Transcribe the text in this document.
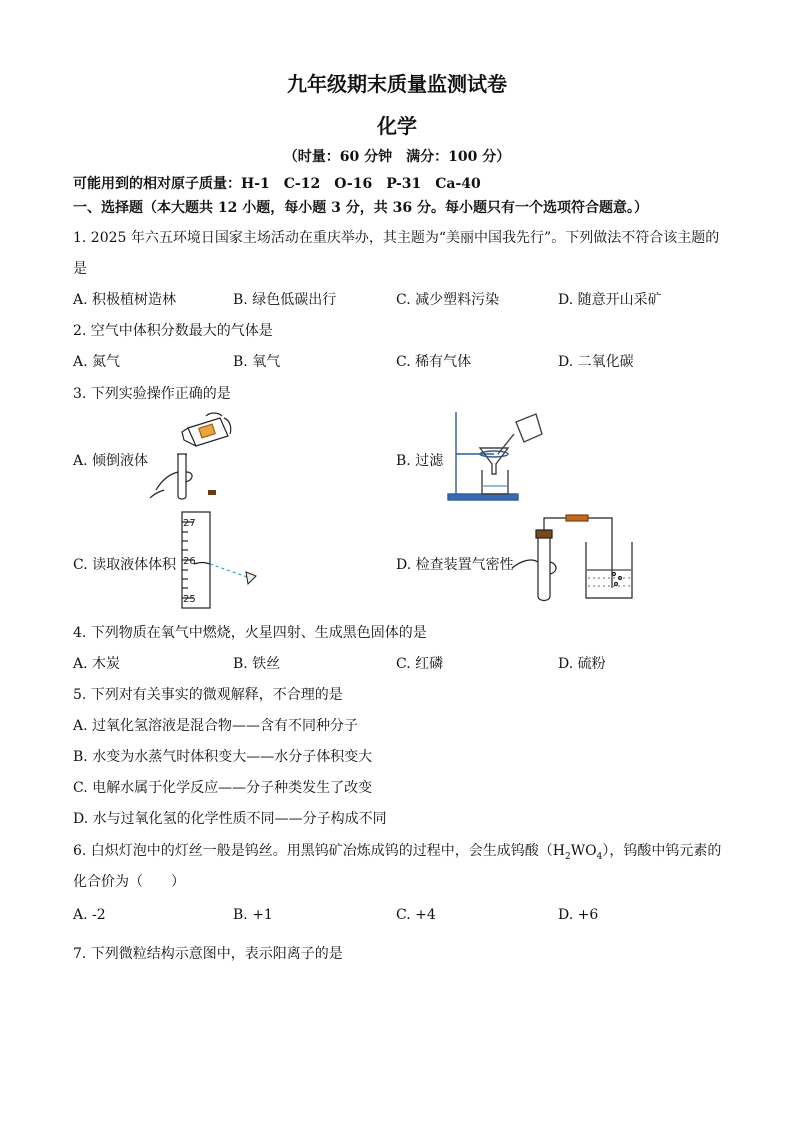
九年级期末质量监测试卷
化学
（时量：60 分钟　满分：100 分）
可能用到的相对原子质量：H-1　C-12　O-16　P-31　Ca-40
一、选择题（本大题共 12 小题，每小题 3 分，共 36 分。每小题只有一个选项符合题意。）
1. 2025 年六五环境日国家主场活动在重庆举办，其主题为“美丽中国我先行”。下列做法不符合该主题的
是
A. 积极植树造林	B. 绿色低碳出行	C. 减少塑料污染	D. 随意开山采矿
2. 空气中体积分数最大的气体是
A. 氮气	B. 氧气	C. 稀有气体	D. 二氧化碳
3. 下列实验操作正确的是
A. 倾倒液体	B. 过滤
C. 读取液体体积	D. 检查装置气密性
27
26
25
4. 下列物质在氧气中燃烧，火星四射、生成黑色固体的是
A. 木炭	B. 铁丝	C. 红磷	D. 硫粉
5. 下列对有关事实的微观解释，不合理的是
A. 过氧化氢溶液是混合物——含有不同种分子
B. 水变为水蒸气时体积变大——水分子体积变大
C. 电解水属于化学反应——分子种类发生了改变
D. 水与过氧化氢的化学性质不同——分子构成不同
6. 白炽灯泡中的灯丝一般是钨丝。用黑钨矿冶炼成钨的过程中，会生成钨酸$(H_2WO_4)$，钨酸中钨元素的
化合价为（　　）
A. -2	B. +1	C. +4	D. +6
7. 下列微粒结构示意图中，表示阳离子的是
